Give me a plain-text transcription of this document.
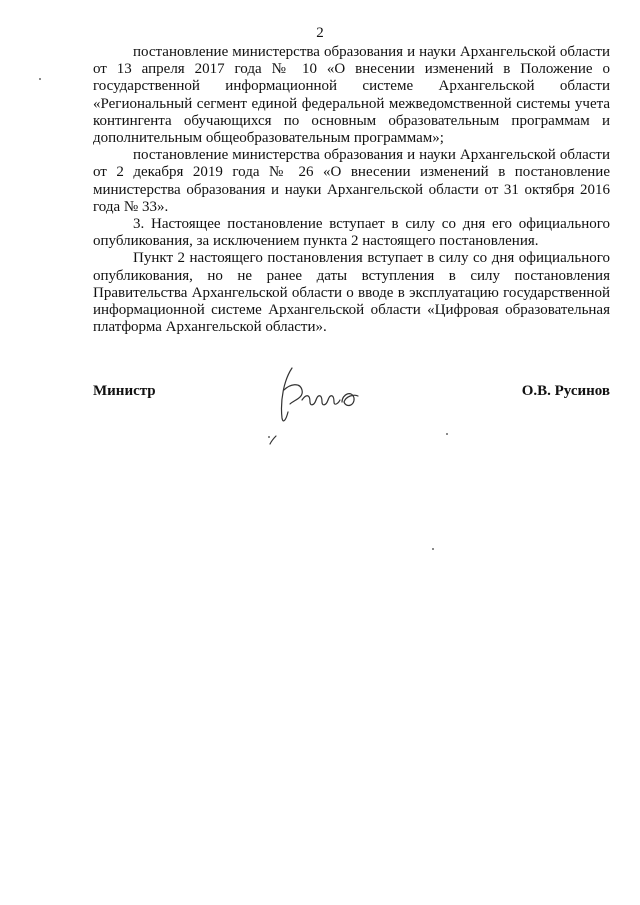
2

постановление министерства образования и науки Архангельской области от 13 апреля 2017 года № 10 «О внесении изменений в Положение о государственной информационной системе Архангельской области «Региональный сегмент единой федеральной межведомственной системы учета контингента обучающихся по основным образовательным программам и дополнительным общеобразовательным программам»;

постановление министерства образования и науки Архангельской области от 2 декабря 2019 года № 26 «О внесении изменений в постановление министерства образования и науки Архангельской области от 31 октября 2016 года № 33».

3. Настоящее постановление вступает в силу со дня его официального опубликования, за исключением пункта 2 настоящего постановления.

Пункт 2 настоящего постановления вступает в силу со дня официального опубликования, но не ранее даты вступления в силу постановления Правительства Архангельской области о вводе в эксплуатацию государственной информационной системе Архангельской области «Цифровая образовательная платформа Архангельской области».

Министр	О.В. Русинов
